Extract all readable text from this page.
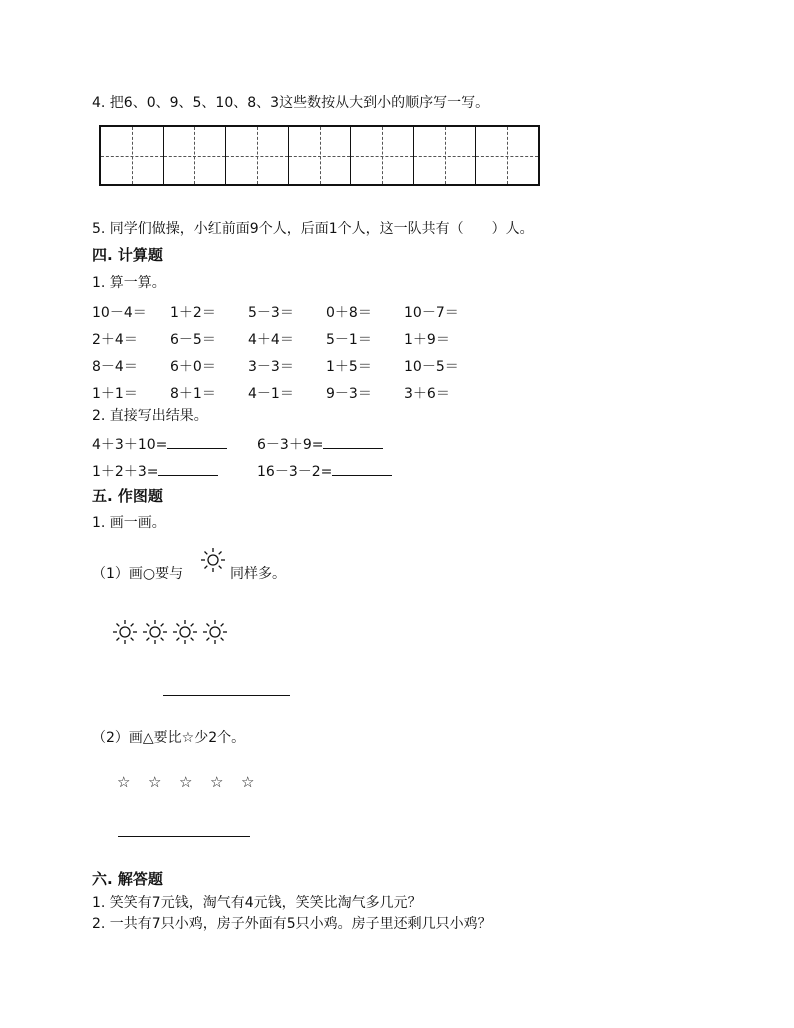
4. 把6、0、9、5、10、8、3这些数按从大到小的顺序写一写。
5. 同学们做操，小红前面9个人，后面1个人，这一队共有（　　）人。
四. 计算题
1. 算一算。
10－4＝	1＋2＝	5－3＝	0＋8＝	10－7＝
2＋4＝	6－5＝	4＋4＝	5－1＝	1＋9＝
8－4＝	6＋0＝	3－3＝	1＋5＝	10－5＝
1＋1＝	8＋1＝	4－1＝	9－3＝	3＋6＝
2. 直接写出结果。
4＋3＋10=	6－3＋9=
1＋2＋3=	16－3－2=
五. 作图题
1. 画一画。
（1）画○要与	同样多。
（2）画△要比☆少2个。
☆ ☆ ☆ ☆ ☆
六. 解答题
1. 笑笑有7元钱，淘气有4元钱，笑笑比淘气多几元？
2. 一共有7只小鸡，房子外面有5只小鸡。房子里还剩几只小鸡？
